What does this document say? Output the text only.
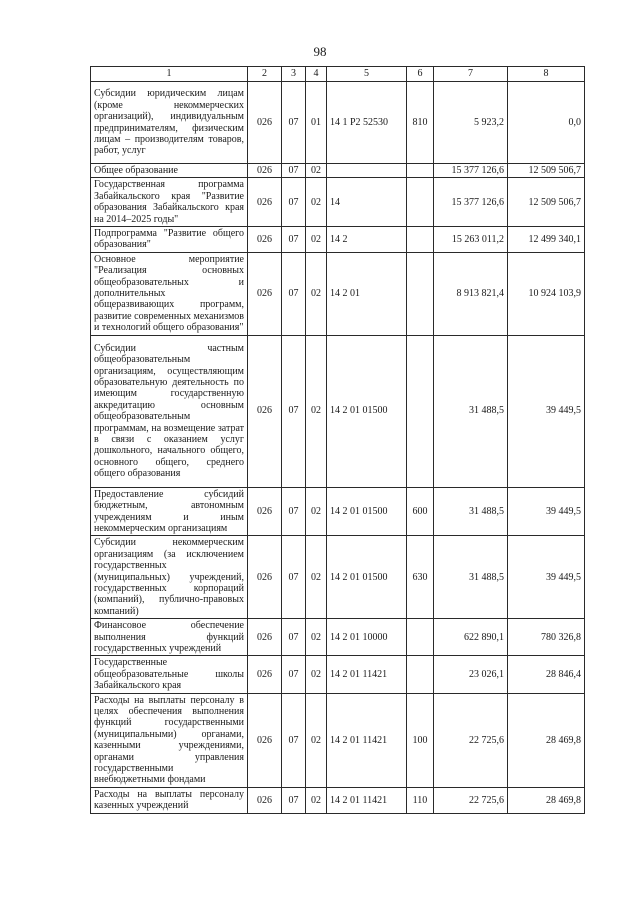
98
1	2	3	4	5	6	7	8
Субсидии юридическим лицам (кроме некоммерческих организаций), индивидуальным предпринимателям, физическим лицам – производителям товаров, работ, услуг	026	07	01	14 1 Р2 52530	810	5 923,2	0,0
Общее образование	026	07	02			15 377 126,6	12 509 506,7
Государственная программа Забайкальского края "Развитие образования Забайкальского края на 2014–2025 годы"	026	07	02	14		15 377 126,6	12 509 506,7
Подпрограмма "Развитие общего образования"	026	07	02	14 2		15 263 011,2	12 499 340,1
Основное мероприятие "Реализация основных общеобразовательных и дополнительных общеразвивающих программ, развитие современных механизмов и технологий общего образования"	026	07	02	14 2 01		8 913 821,4	10 924 103,9
Субсидии частным общеобразовательным организациям, осуществляющим образовательную деятельность по имеющим государственную аккредитацию основным общеобразовательным программам, на возмещение затрат в связи с оказанием услуг дошкольного, начального общего, основного общего, среднего общего образования	026	07	02	14 2 01 01500		31 488,5	39 449,5
Предоставление субсидий бюджетным, автономным учреждениям и иным некоммерческим организациям	026	07	02	14 2 01 01500	600	31 488,5	39 449,5
Субсидии некоммерческим организациям (за исключением государственных (муниципальных) учреждений, государственных корпораций (компаний), публично-правовых компаний)	026	07	02	14 2 01 01500	630	31 488,5	39 449,5
Финансовое обеспечение выполнения функций государственных учреждений	026	07	02	14 2 01 10000		622 890,1	780 326,8
Государственные общеобразовательные школы Забайкальского края	026	07	02	14 2 01 11421		23 026,1	28 846,4
Расходы на выплаты персоналу в целях обеспечения выполнения функций государственными (муниципальными) органами, казенными учреждениями, органами управления государственными внебюджетными фондами	026	07	02	14 2 01 11421	100	22 725,6	28 469,8
Расходы на выплаты персоналу казенных учреждений	026	07	02	14 2 01 11421	110	22 725,6	28 469,8
